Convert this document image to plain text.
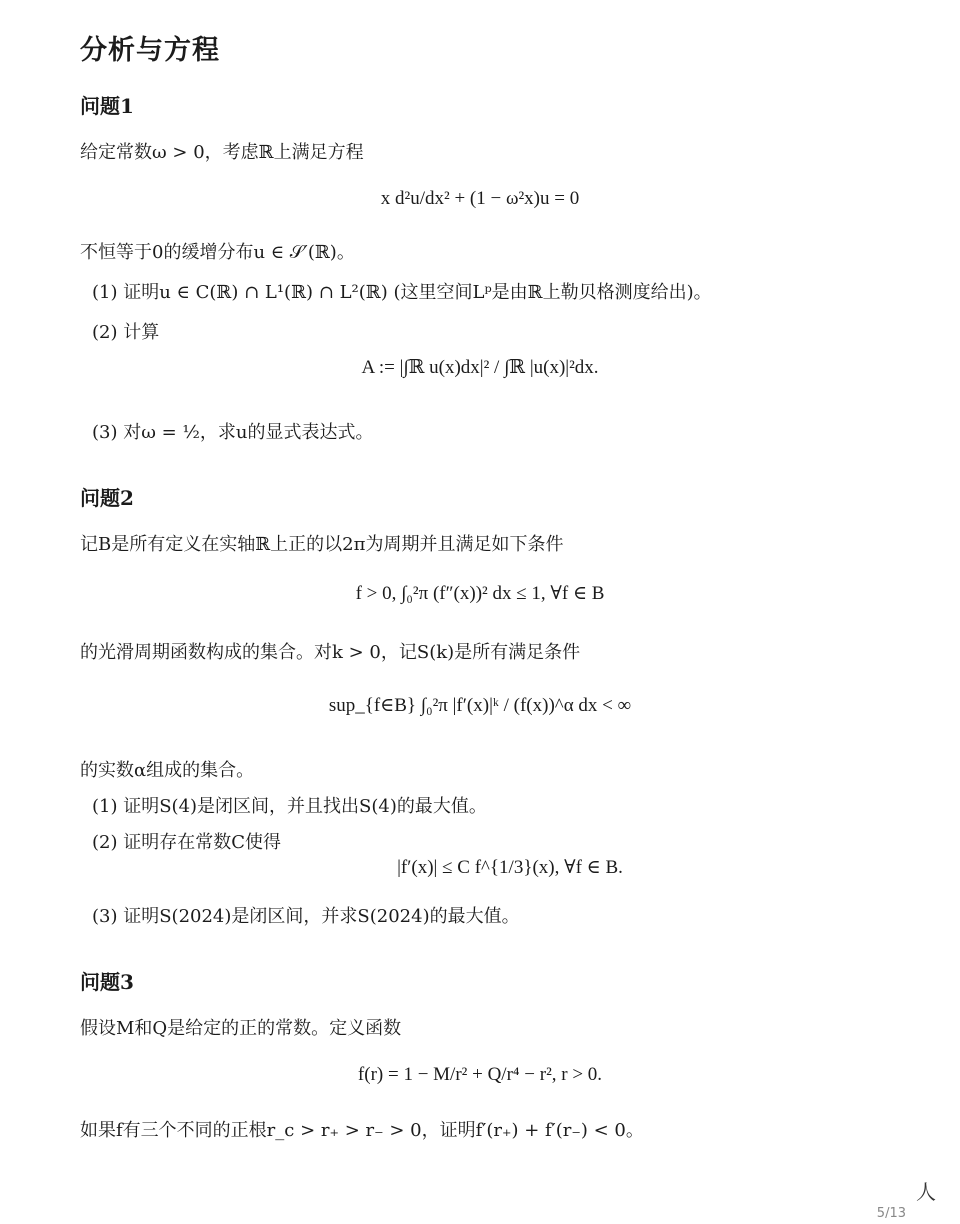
分析与方程
问题1
给定常数ω > 0，考虑ℝ上满足方程
x d²u/dx² + (1 − ω²x)u = 0
不恒等于0的缓增分布u ∈ 𝒮′(ℝ)。
(1) 证明u ∈ C(ℝ) ∩ L¹(ℝ) ∩ L²(ℝ) (这里空间Lᵖ是由ℝ上勒贝格测度给出)。
(2) 计算
A := |∫ℝ u(x)dx|² / ∫ℝ |u(x)|²dx.
(3) 对ω = ½，求u的显式表达式。
问题2
记B是所有定义在实轴ℝ上正的以2π为周期并且满足如下条件
f > 0, ∫₀²π (f″(x))² dx ≤ 1, ∀f ∈ B
的光滑周期函数构成的集合。对k > 0，记S(k)是所有满足条件
sup_{f∈B} ∫₀²π |f′(x)|ᵏ / (f(x))^α dx < ∞
的实数α组成的集合。
(1) 证明S(4)是闭区间，并且找出S(4)的最大值。
(2) 证明存在常数C使得
|f′(x)| ≤ C f^{1/3}(x), ∀f ∈ B.
(3) 证明S(2024)是闭区间，并求S(2024)的最大值。
问题3
假设M和Q是给定的正的常数。定义函数
f(r) = 1 − M/r² + Q/r⁴ − r², r > 0.
如果f有三个不同的正根r_c > r₊ > r₋ > 0，证明f′(r₊) + f′(r₋) < 0。
人
5/13
